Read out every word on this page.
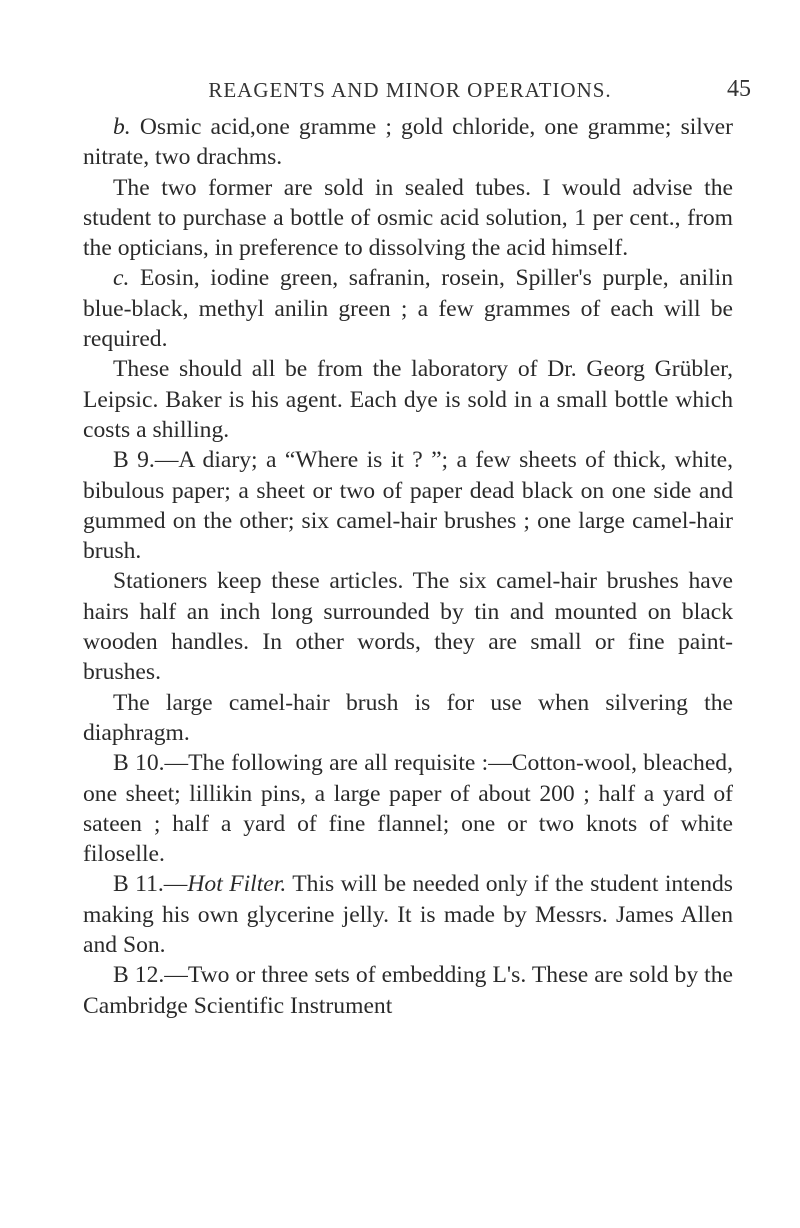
REAGENTS AND MINOR OPERATIONS.	45

b. Osmic acid,one gramme ; gold chloride, one gramme; silver nitrate, two drachms.

The two former are sold in sealed tubes. I would advise the student to purchase a bottle of osmic acid solution, 1 per cent., from the opticians, in preference to dissolving the acid himself.

c. Eosin, iodine green, safranin, rosein, Spiller's purple, anilin blue-black, methyl anilin green ; a few grammes of each will be required.

These should all be from the laboratory of Dr. Georg Grübler, Leipsic. Baker is his agent. Each dye is sold in a small bottle which costs a shilling.

B 9.—A diary; a “Where is it ? ”; a few sheets of thick, white, bibulous paper; a sheet or two of paper dead black on one side and gummed on the other; six camel-hair brushes ; one large camel-hair brush.

Stationers keep these articles. The six camel-hair brushes have hairs half an inch long surrounded by tin and mounted on black wooden handles. In other words, they are small or fine paint-brushes.

The large camel-hair brush is for use when silvering the diaphragm.

B 10.—The following are all requisite :—Cotton-wool, bleached, one sheet; lillikin pins, a large paper of about 200 ; half a yard of sateen ; half a yard of fine flannel; one or two knots of white filoselle.

B 11.—Hot Filter. This will be needed only if the student intends making his own glycerine jelly. It is made by Messrs. James Allen and Son.

B 12.—Two or three sets of embedding L's. These are sold by the Cambridge Scientific Instrument
